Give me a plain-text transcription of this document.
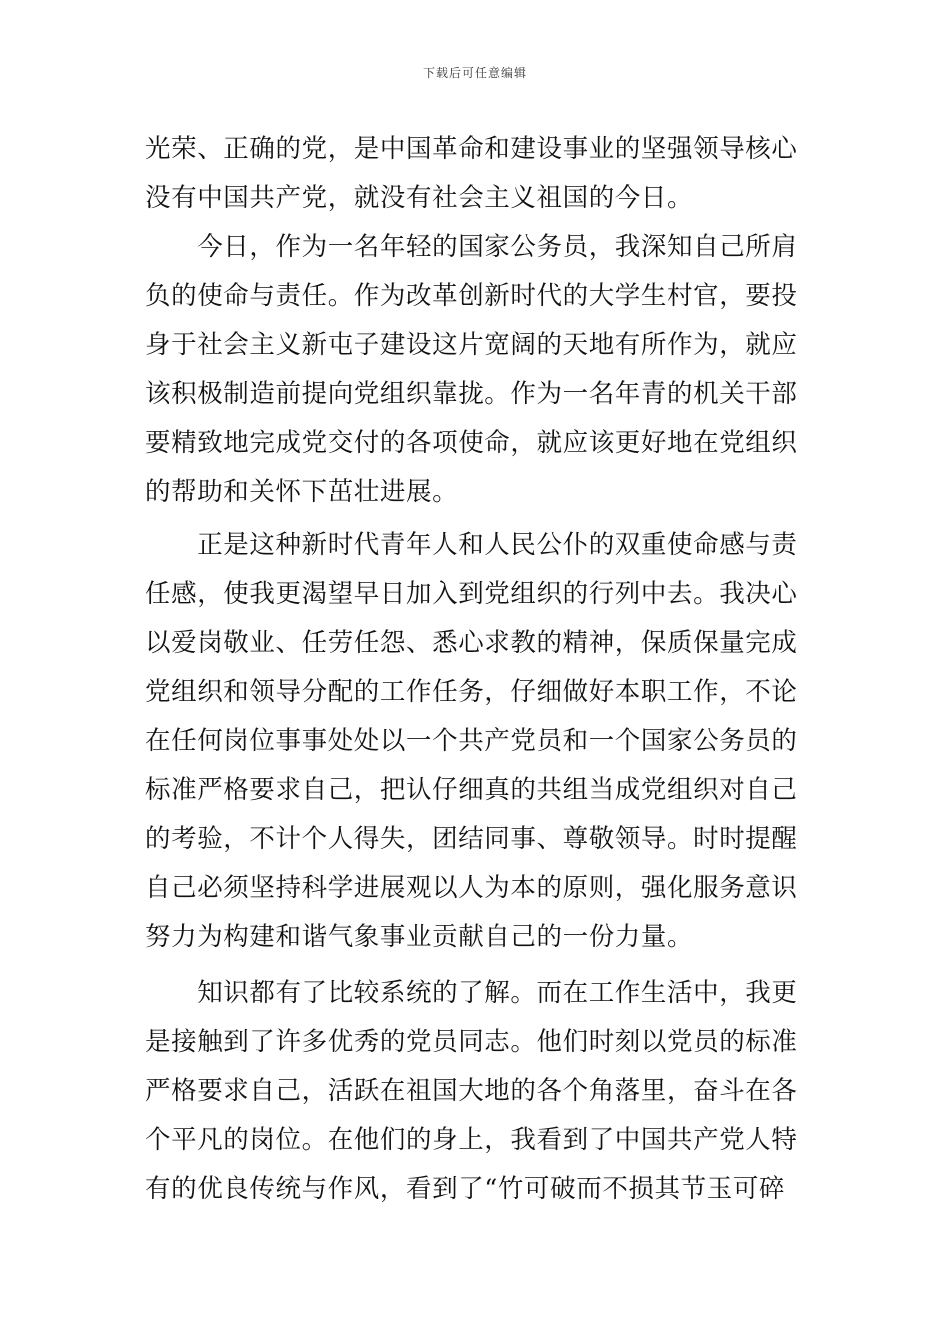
下载后可任意编辑
光荣、正确的党，是中国革命和建设事业的坚强领导核心
没有中国共产党，就没有社会主义祖国的今日。
　　今日，作为一名年轻的国家公务员，我深知自己所肩
负的使命与责任。作为改革创新时代的大学生村官，要投
身于社会主义新屯子建设这片宽阔的天地有所作为，就应
该积极制造前提向党组织靠拢。作为一名年青的机关干部
要精致地完成党交付的各项使命，就应该更好地在党组织
的帮助和关怀下茁壮进展。
　　正是这种新时代青年人和人民公仆的双重使命感与责
任感，使我更渴望早日加入到党组织的行列中去。我决心
以爱岗敬业、任劳任怨、悉心求教的精神，保质保量完成
党组织和领导分配的工作任务，仔细做好本职工作，不论
在任何岗位事事处处以一个共产党员和一个国家公务员的
标准严格要求自己，把认仔细真的共组当成党组织对自己
的考验，不计个人得失，团结同事、尊敬领导。时时提醒
自己必须坚持科学进展观以人为本的原则，强化服务意识
努力为构建和谐气象事业贡献自己的一份力量。
　　知识都有了比较系统的了解。而在工作生活中，我更
是接触到了许多优秀的党员同志。他们时刻以党员的标准
严格要求自己，活跃在祖国大地的各个角落里，奋斗在各
个平凡的岗位。在他们的身上，我看到了中国共产党人特
有的优良传统与作风，看到了“竹可破而不损其节玉可碎
